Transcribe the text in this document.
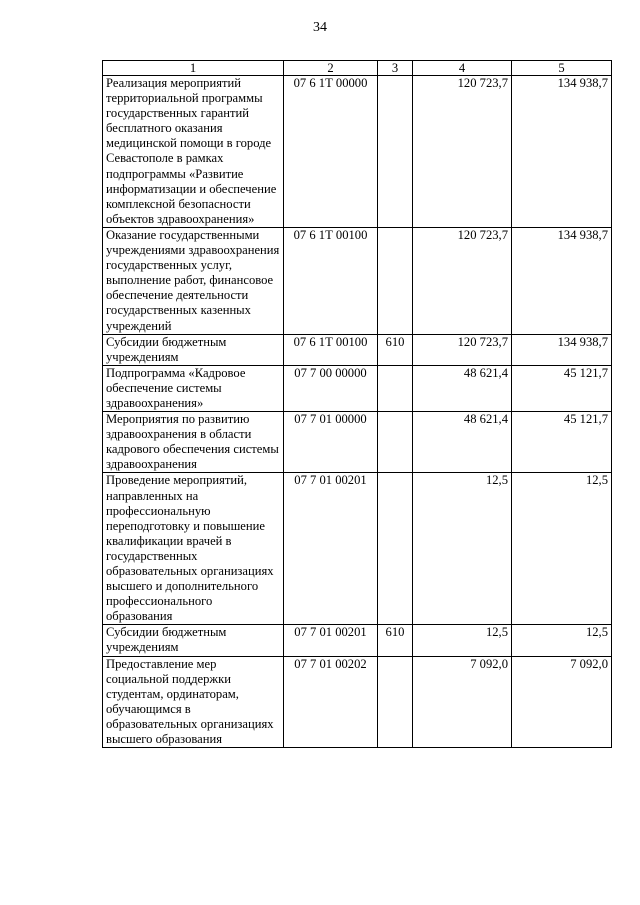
34
1	2	3	4	5
Реализация мероприятий территориальной программы государственных гарантий бесплатного оказания медицинской помощи в городе Севастополе в рамках подпрограммы «Развитие информатизации и обеспечение комплексной безопасности объектов здравоохранения»	07 6 1Т 00000		120 723,7	134 938,7
Оказание государственными учреждениями здравоохранения государственных услуг, выполнение работ, финансовое обеспечение деятельности государственных казенных учреждений	07 6 1Т 00100		120 723,7	134 938,7
Субсидии бюджетным учреждениям	07 6 1Т 00100	610	120 723,7	134 938,7
Подпрограмма «Кадровое обеспечение системы здравоохранения»	07 7 00 00000		48 621,4	45 121,7
Мероприятия по развитию здравоохранения в области кадрового обеспечения системы здравоохранения	07 7 01 00000		48 621,4	45 121,7
Проведение мероприятий, направленных на профессиональную переподготовку и повышение квалификации врачей в государственных образовательных организациях высшего и дополнительного профессионального образования	07 7 01 00201		12,5	12,5
Субсидии бюджетным учреждениям	07 7 01 00201	610	12,5	12,5
Предоставление мер социальной поддержки студентам, ординаторам, обучающимся в образовательных организациях высшего образования	07 7 01 00202		7 092,0	7 092,0
